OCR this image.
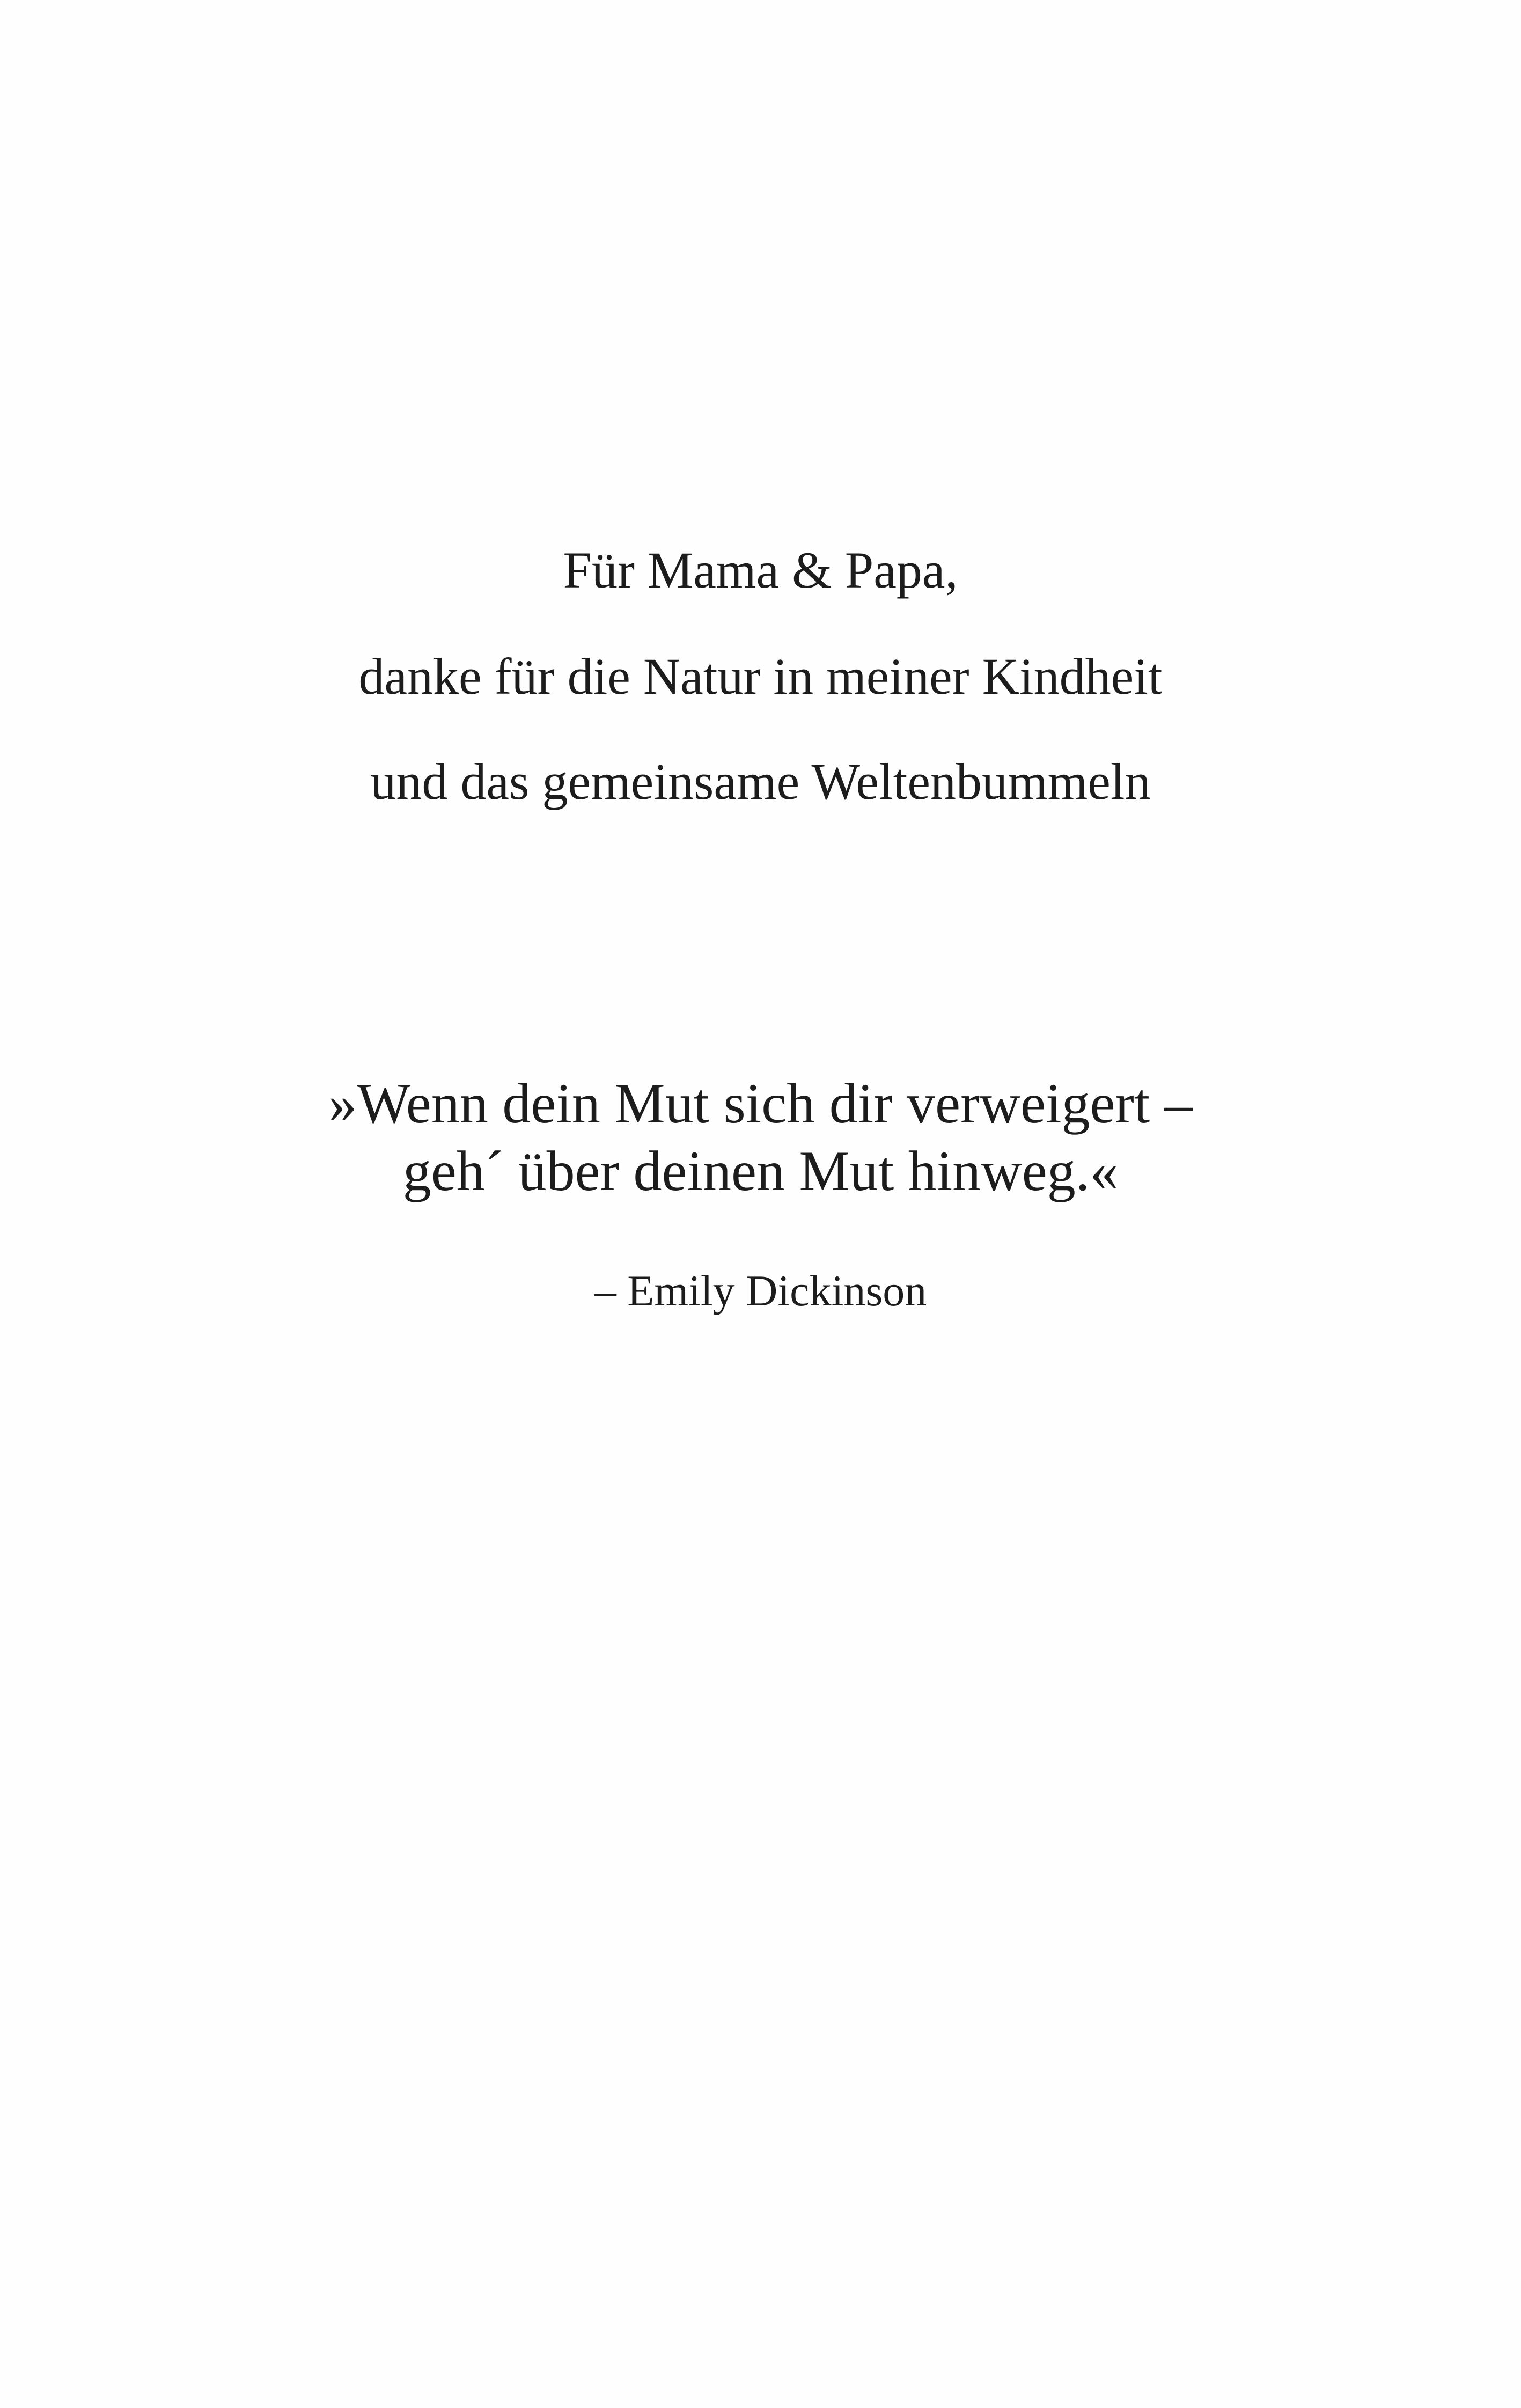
Für Mama & Papa,
danke für die Natur in meiner Kindheit
und das gemeinsame Weltenbummeln
»Wenn dein Mut sich dir verweigert –
geh´ über deinen Mut hinweg.«
– Emily Dickinson
